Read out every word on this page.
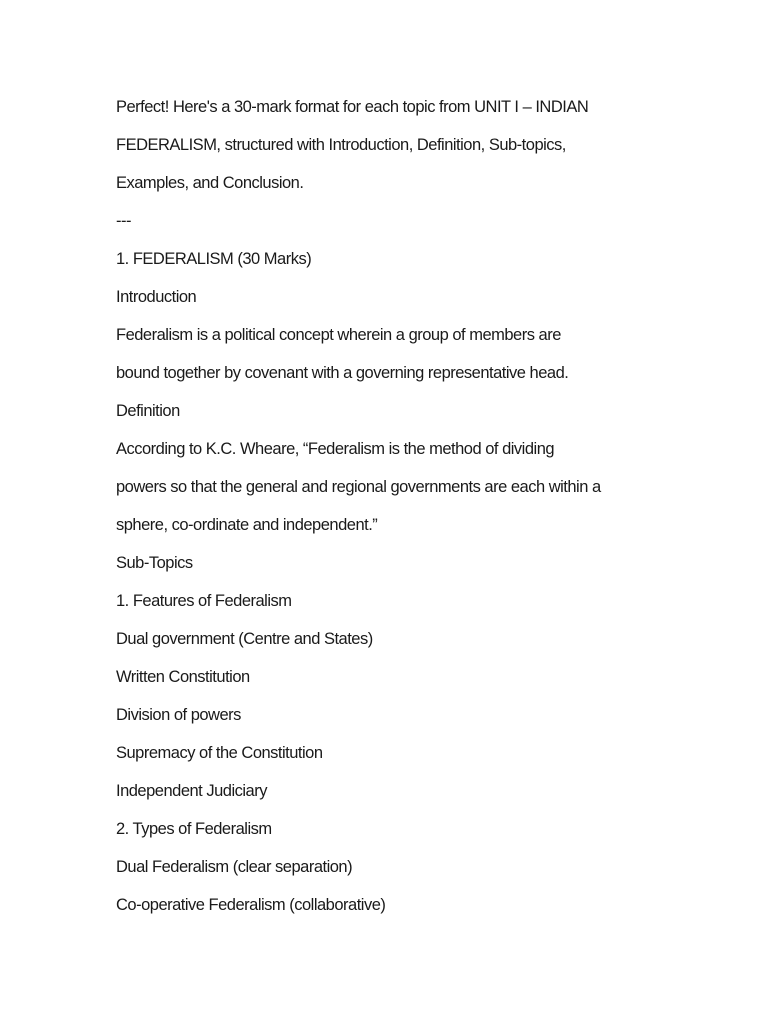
Perfect! Here's a 30-mark format for each topic from UNIT I – INDIAN
FEDERALISM, structured with Introduction, Definition, Sub-topics,
Examples, and Conclusion.
---
1. FEDERALISM (30 Marks)
Introduction
Federalism is a political concept wherein a group of members are
bound together by covenant with a governing representative head.
Definition
According to K.C. Wheare, “Federalism is the method of dividing
powers so that the general and regional governments are each within a
sphere, co-ordinate and independent.”
Sub-Topics
1. Features of Federalism
Dual government (Centre and States)
Written Constitution
Division of powers
Supremacy of the Constitution
Independent Judiciary
2. Types of Federalism
Dual Federalism (clear separation)
Co-operative Federalism (collaborative)
